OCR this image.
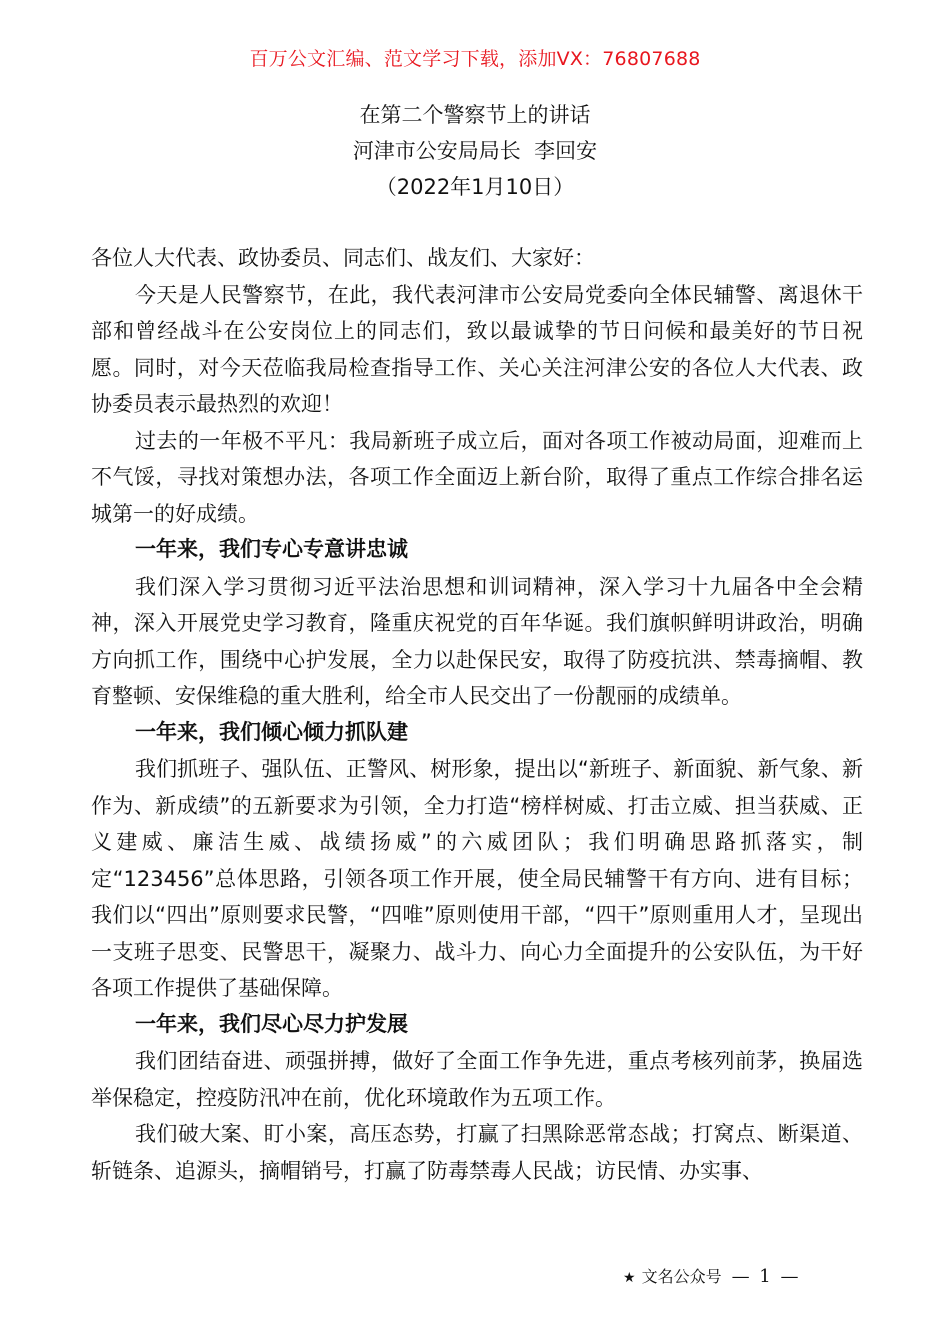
百万公文汇编、范文学习下载，添加VX：76807688
在第二个警察节上的讲话
河津市公安局局长  李回安
（2022年1月10日）

各位人大代表、政协委员、同志们、战友们、大家好：

今天是人民警察节，在此，我代表河津市公安局党委向全体民辅警、离退休干部和曾经战斗在公安岗位上的同志们，致以最诚挚的节日问候和最美好的节日祝愿。同时，对今天莅临我局检查指导工作、关心关注河津公安的各位人大代表、政协委员表示最热烈的欢迎！

过去的一年极不平凡：我局新班子成立后，面对各项工作被动局面，迎难而上不气馁，寻找对策想办法，各项工作全面迈上新台阶，取得了重点工作综合排名运城第一的好成绩。

一年来，我们专心专意讲忠诚

我们深入学习贯彻习近平法治思想和训词精神，深入学习十九届各中全会精神，深入开展党史学习教育，隆重庆祝党的百年华诞。我们旗帜鲜明讲政治，明确方向抓工作，围绕中心护发展，全力以赴保民安，取得了防疫抗洪、禁毒摘帽、教育整顿、安保维稳的重大胜利，给全市人民交出了一份靓丽的成绩单。

一年来，我们倾心倾力抓队建

我们抓班子、强队伍、正警风、树形象，提出以“新班子、新面貌、新气象、新作为、新成绩”的五新要求为引领，全力打造“榜样树威、打击立威、担当获威、正义建威、廉洁生威、战绩扬威”的六威团队；我们明确思路抓落实，制定“123456”总体思路，引领各项工作开展，使全局民辅警干有方向、进有目标；我们以“四出”原则要求民警，“四唯”原则使用干部，“四干”原则重用人才，呈现出一支班子思变、民警思干，凝聚力、战斗力、向心力全面提升的公安队伍，为干好各项工作提供了基础保障。

一年来，我们尽心尽力护发展

我们团结奋进、顽强拼搏，做好了全面工作争先进，重点考核列前茅，换届选举保稳定，控疫防汛冲在前，优化环境敢作为五项工作。

我们破大案、盯小案，高压态势，打赢了扫黑除恶常态战；打窝点、断渠道、斩链条、追源头，摘帽销号，打赢了防毒禁毒人民战；访民情、办实事、

★ 文名公众号 — 1 —
